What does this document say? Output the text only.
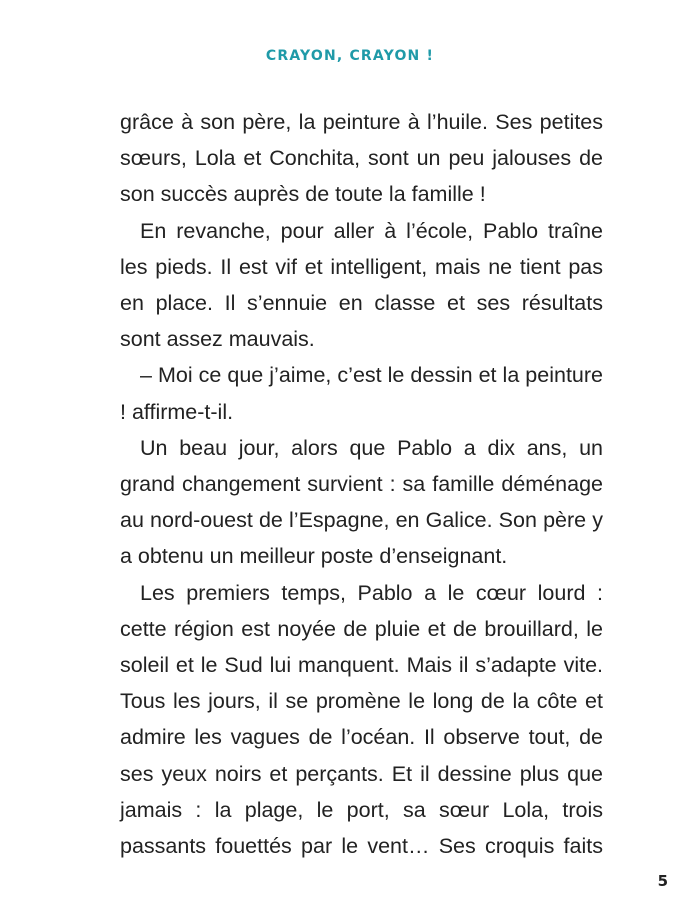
CRAYON, CRAYON !

grâce à son père, la peinture à l’huile. Ses petites sœurs, Lola et Conchita, sont un peu jalouses de son succès auprès de toute la famille !

En revanche, pour aller à l’école, Pablo traîne les pieds. Il est vif et intelligent, mais ne tient pas en place. Il s’ennuie en classe et ses résultats sont assez mauvais.

– Moi ce que j’aime, c’est le dessin et la peinture ! affirme-t-il.

Un beau jour, alors que Pablo a dix ans, un grand changement survient : sa famille déménage au nord-ouest de l’Espagne, en Galice. Son père y a obtenu un meilleur poste d’enseignant.

Les premiers temps, Pablo a le cœur lourd : cette région est noyée de pluie et de brouillard, le soleil et le Sud lui manquent. Mais il s’adapte vite. Tous les jours, il se promène le long de la côte et admire les vagues de l’océan. Il observe tout, de ses yeux noirs et perçants. Et il dessine plus que jamais : la plage, le port, sa sœur Lola, trois passants fouettés par le vent… Ses croquis faits

5
